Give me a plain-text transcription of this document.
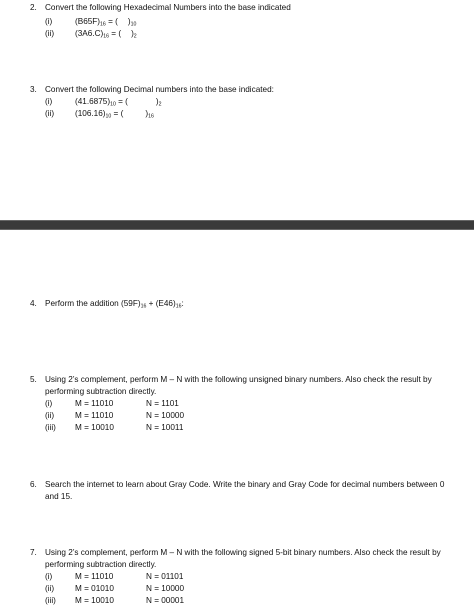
2. Convert the following Hexadecimal Numbers into the base indicated
(i)	$(B65F)_{16}$ = ( )$_{10}$
(ii)	$(3A6.C)_{16}$ = ( )$_2$
3. Convert the following Decimal numbers into the base indicated:
(i)	$(41.6875)_{10}$ = (	)$_2$
(ii)	$(106.16)_{10}$ = (	)$_{16}$
4. Perform the addition $(59F)_{16} + (E46)_{16}$:
5. Using 2’s complement, perform M – N with the following unsigned binary numbers. Also check the result by
performing subtraction directly.
(i)	M = 11010	N = 1101
(ii)	M = 11010	N = 10000
(iii) M = 10010	N = 10011
6. Search the internet to learn about Gray Code. Write the binary and Gray Code for decimal numbers between 0
and 15.
7. Using 2’s complement, perform M – N with the following signed 5-bit binary numbers. Also check the result by
performing subtraction directly.
(i)	M = 11010	N = 01101
(ii)	M = 01010	N = 10000
(iii) M = 10010	N = 00001
